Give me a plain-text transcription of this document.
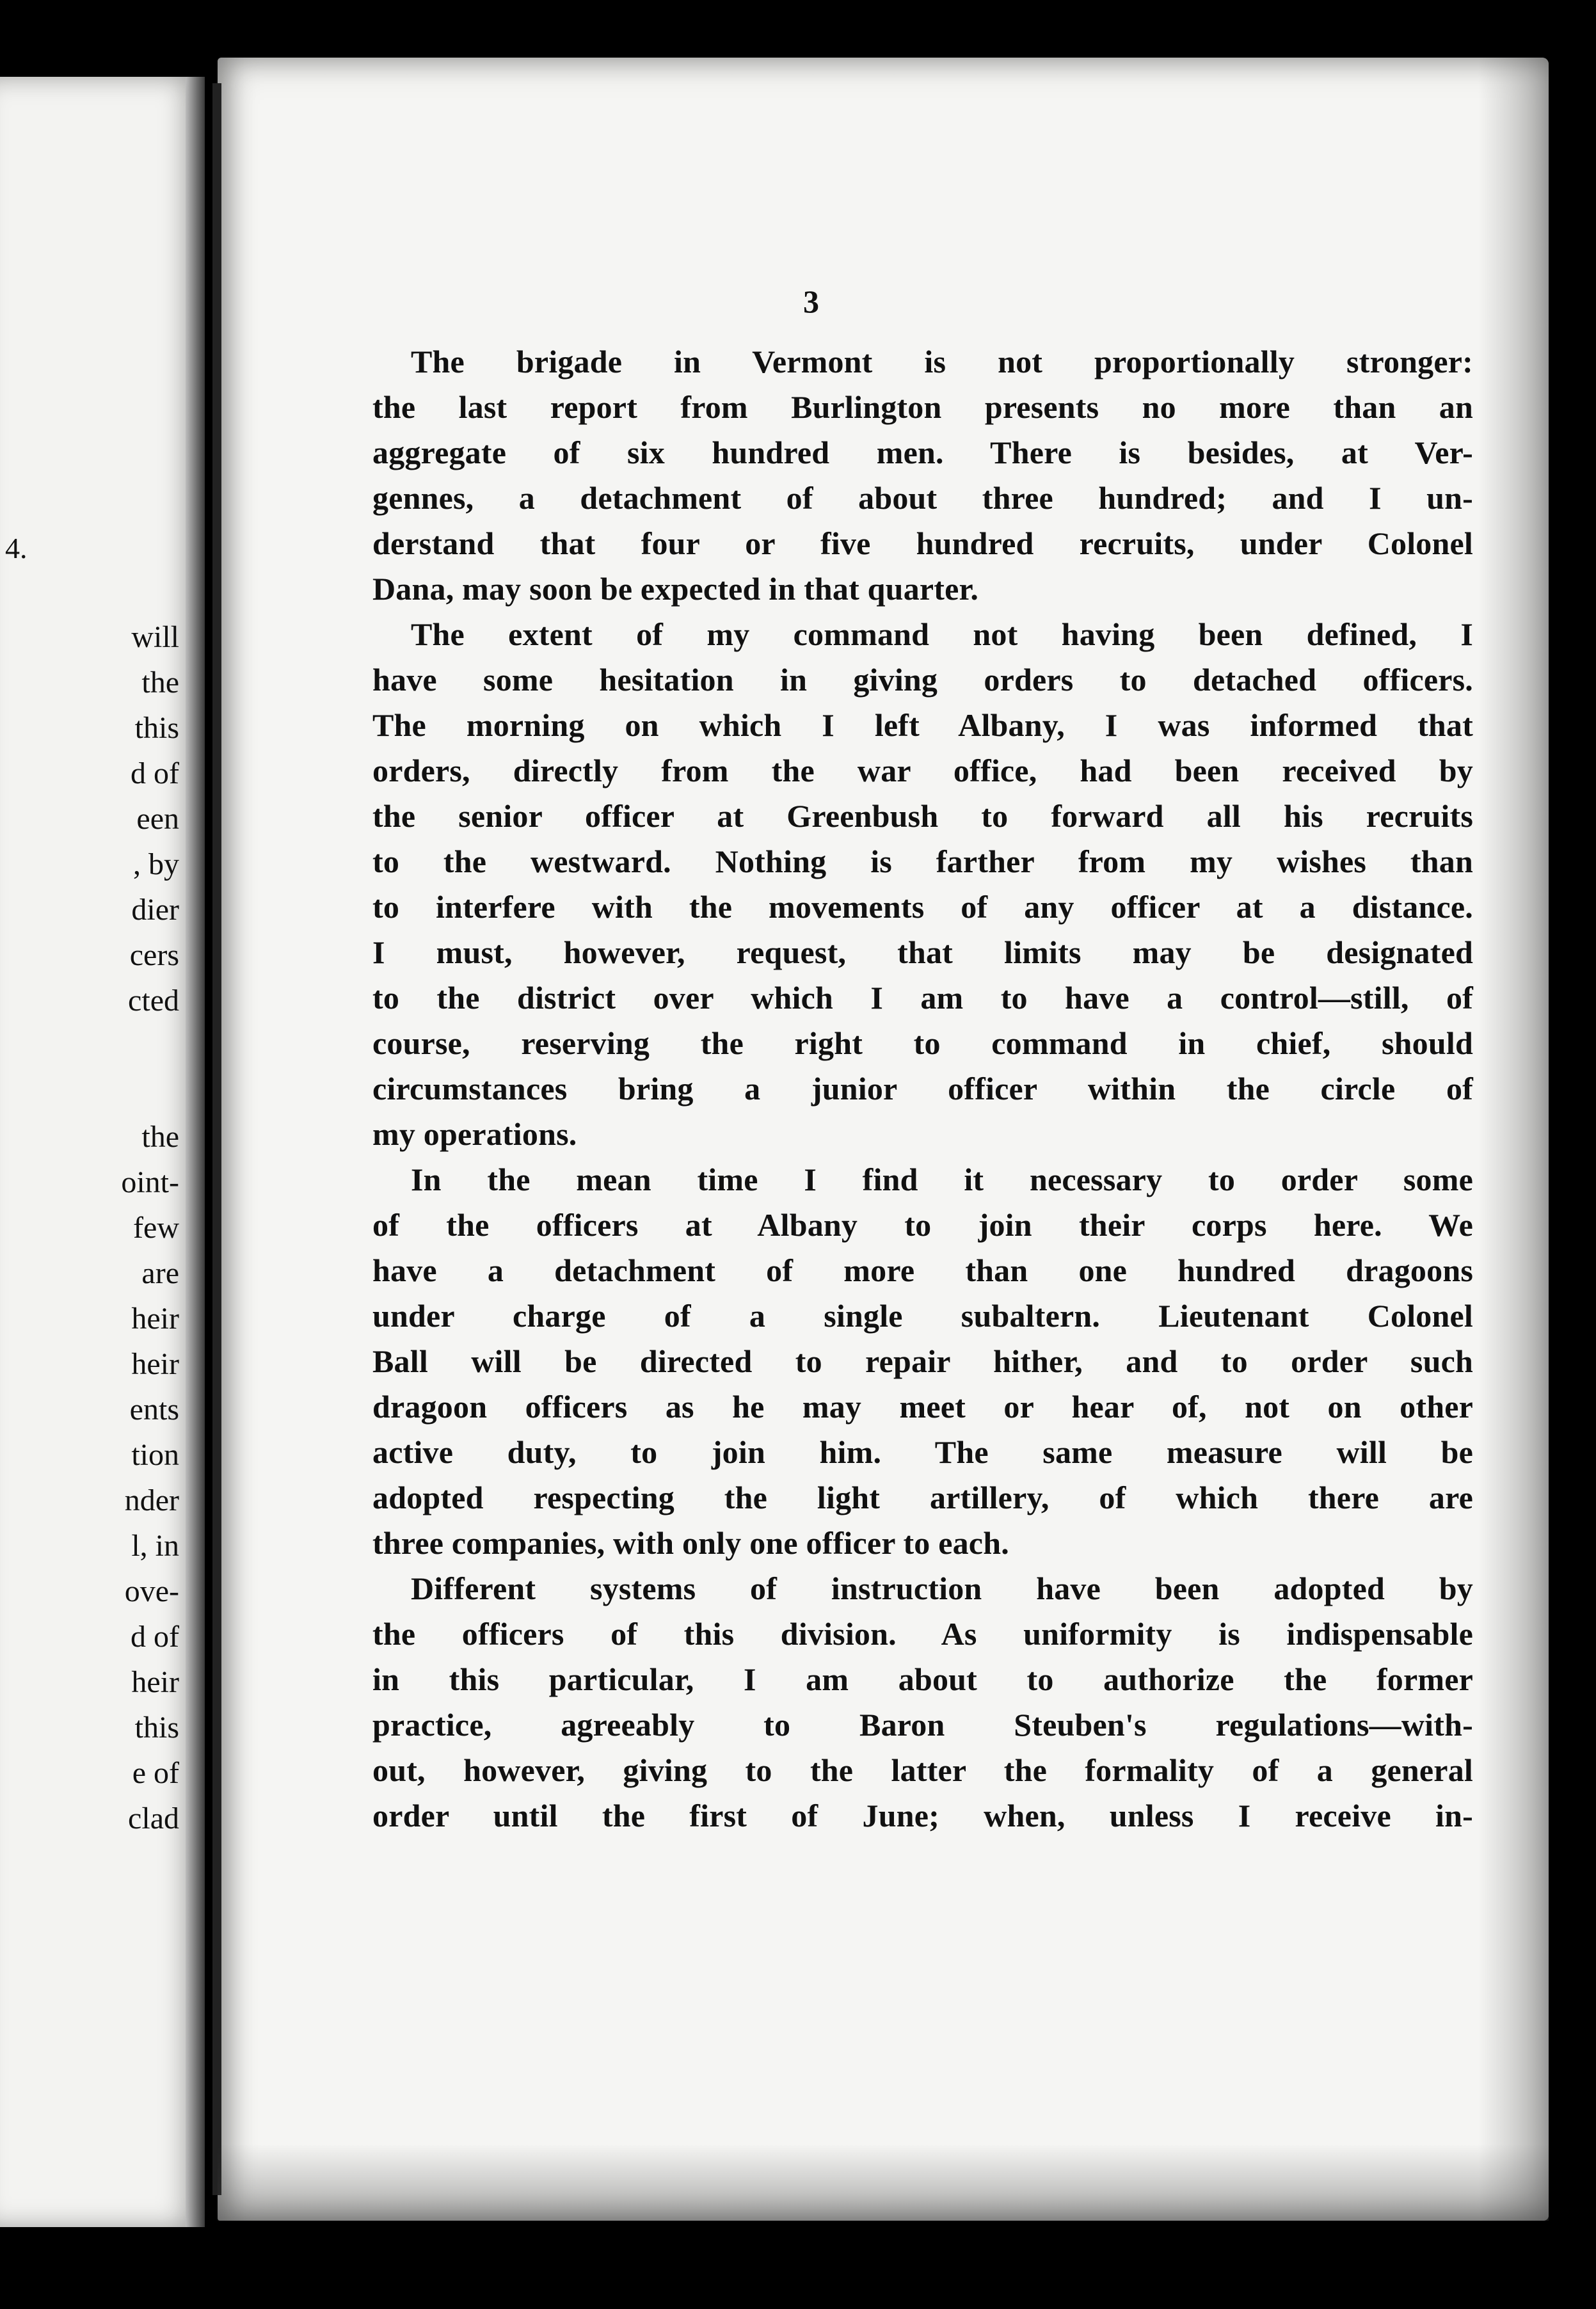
4.
will
the
this
d of
een
, by
dier
cers
cted
the
oint-
few
are
heir
heir
ents
tion
nder
l, in
ove-
d of
heir
this
e of
clad
3
The brigade in Vermont is not proportionally stronger:
the last report from Burlington presents no more than an
aggregate of six hundred men. There is besides, at Ver-
gennes, a detachment of about three hundred; and I un-
derstand that four or five hundred recruits, under Colonel
Dana, may soon be expected in that quarter.
The extent of my command not having been defined, I
have some hesitation in giving orders to detached officers.
The morning on which I left Albany, I was informed that
orders, directly from the war office, had been received by
the senior officer at Greenbush to forward all his recruits
to the westward. Nothing is farther from my wishes than
to interfere with the movements of any officer at a distance.
I must, however, request, that limits may be designated
to the district over which I am to have a control—still, of
course, reserving the right to command in chief, should
circumstances bring a junior officer within the circle of
my operations.
In the mean time I find it necessary to order some
of the officers at Albany to join their corps here. We
have a detachment of more than one hundred dragoons
under charge of a single subaltern. Lieutenant Colonel
Ball will be directed to repair hither, and to order such
dragoon officers as he may meet or hear of, not on other
active duty, to join him. The same measure will be
adopted respecting the light artillery, of which there are
three companies, with only one officer to each.
Different systems of instruction have been adopted by
the officers of this division. As uniformity is indispensable
in this particular, I am about to authorize the former
practice, agreeably to Baron Steuben's regulations—with-
out, however, giving to the latter the formality of a general
order until the first of June; when, unless I receive in-
